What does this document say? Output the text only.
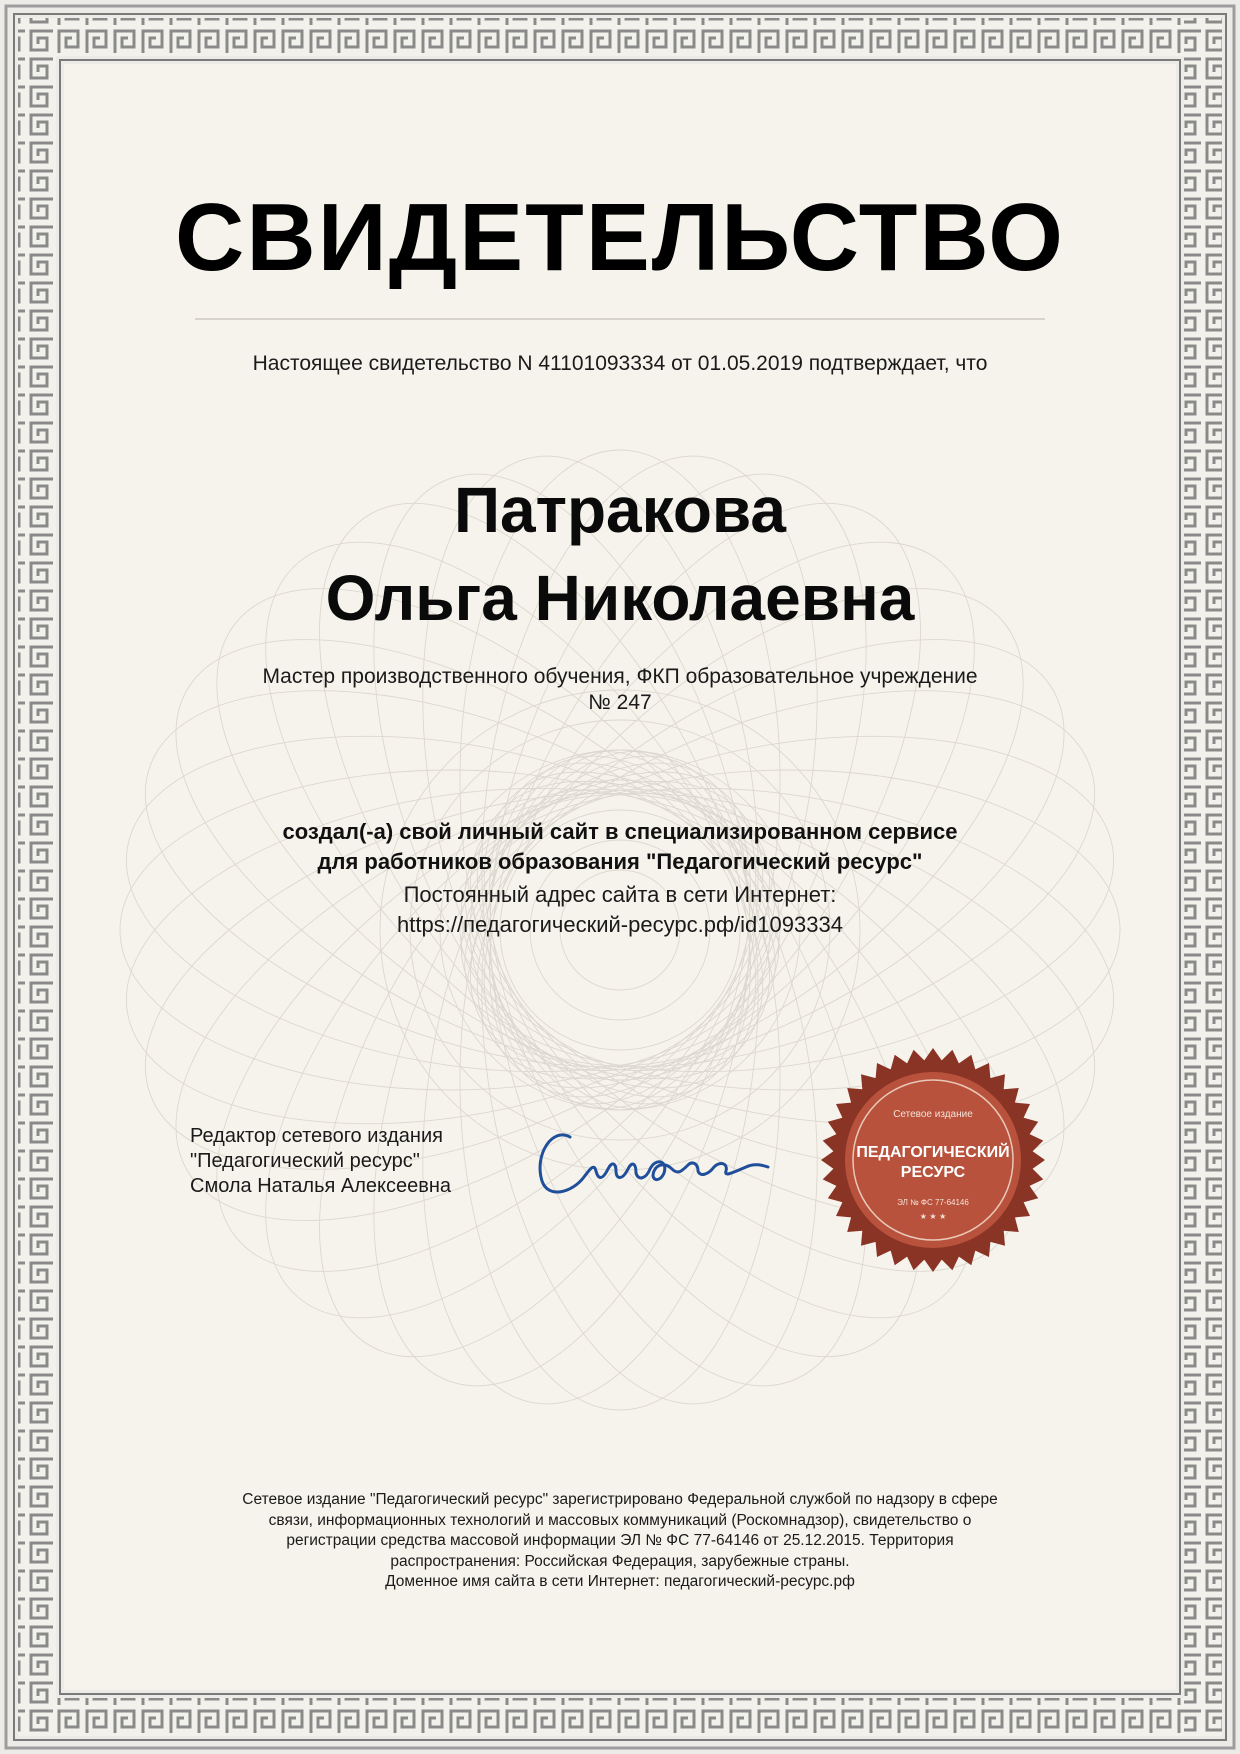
СВИДЕТЕЛЬСТВО
Настоящее свидетельство N 41101093334 от 01.05.2019 подтверждает, что
Патракова
Ольга Николаевна
Мастер производственного обучения, ФКП образовательное учреждение
№ 247
создал(-а) свой личный сайт в специализированном сервисе
для работников образования "Педагогический ресурс"
Постоянный адрес сайта в сети Интернет:
https://педагогический-ресурс.рф/id1093334
Редактор сетевого издания
"Педагогический ресурс"
Смола Наталья Алексеевна
Сетевое издание
ПЕДАГОГИЧЕСКИЙ
РЕСУРС
ЭЛ № ФС 77-64146
★ ★ ★
Сетевое издание "Педагогический ресурс" зарегистрировано Федеральной службой по надзору в сфере
связи, информационных технологий и массовых коммуникаций (Роскомнадзор), свидетельство о
регистрации средства массовой информации ЭЛ № ФС 77-64146 от 25.12.2015. Территория
распространения: Российская Федерация, зарубежные страны.
Доменное имя сайта в сети Интернет: педагогический-ресурс.рф
